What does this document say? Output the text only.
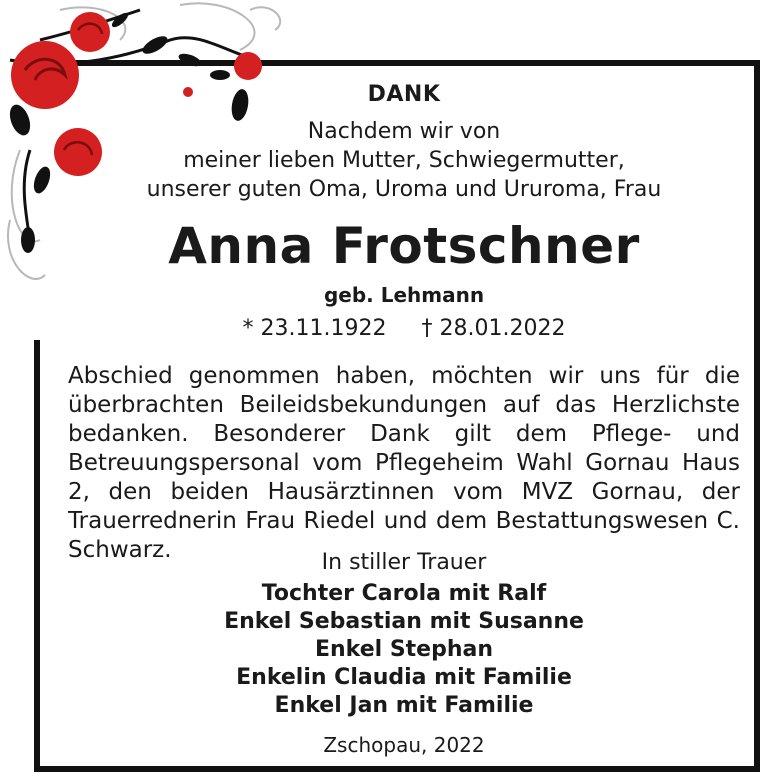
DANK
Nachdem wir von
meiner lieben Mutter, Schwiegermutter,
unserer guten Oma, Uroma und Ururoma, Frau
Anna Frotschner
geb. Lehmann
* 23.11.1922 † 28.01.2022

Abschied genommen haben, möchten wir uns für die überbrachten Beileidsbekundungen auf das Herzlichste bedanken. Besonderer Dank gilt dem Pflege- und Betreuungspersonal vom Pflegeheim Wahl Gornau Haus 2, den beiden Hausärztinnen vom MVZ Gornau, der Trauerrednerin Frau Riedel und dem Bestattungswesen C. Schwarz.	In stiller Trauer
Tochter Carola mit Ralf
Enkel Sebastian mit Susanne
Enkel Stephan
Enkelin Claudia mit Familie
Enkel Jan mit Familie
Zschopau, 2022
